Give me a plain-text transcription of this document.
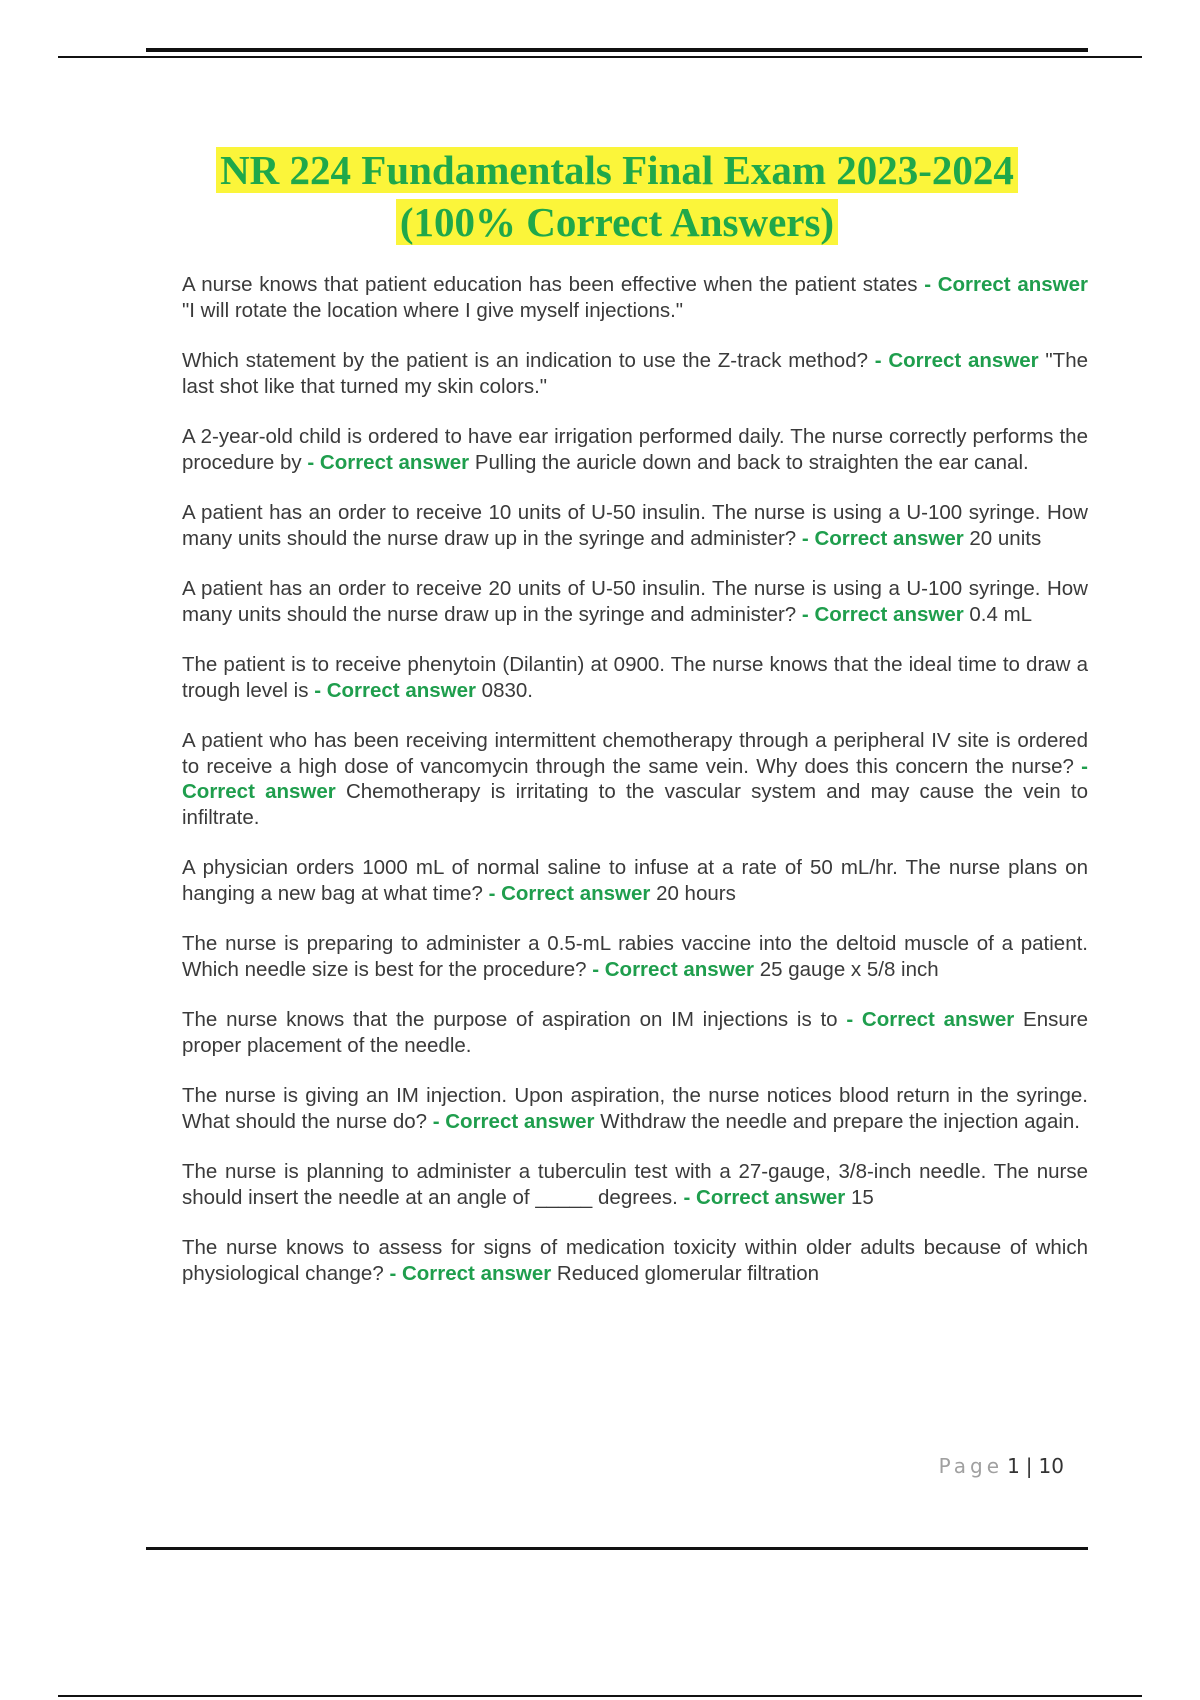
NR 224 Fundamentals Final Exam 2023-2024
(100% Correct Answers)
A nurse knows that patient education has been effective when the patient states - Correct answer "I will rotate the location where I give myself injections."
Which statement by the patient is an indication to use the Z-track method? - Correct answer "The last shot like that turned my skin colors."
A 2-year-old child is ordered to have ear irrigation performed daily. The nurse correctly performs the procedure by - Correct answer Pulling the auricle down and back to straighten the ear canal.
A patient has an order to receive 10 units of U-50 insulin. The nurse is using a U-100 syringe. How many units should the nurse draw up in the syringe and administer? - Correct answer 20 units
A patient has an order to receive 20 units of U-50 insulin. The nurse is using a U-100 syringe. How many units should the nurse draw up in the syringe and administer? - Correct answer 0.4 mL
The patient is to receive phenytoin (Dilantin) at 0900. The nurse knows that the ideal time to draw a trough level is - Correct answer 0830.
A patient who has been receiving intermittent chemotherapy through a peripheral IV site is ordered to receive a high dose of vancomycin through the same vein. Why does this concern the nurse? - Correct answer Chemotherapy is irritating to the vascular system and may cause the vein to infiltrate.
A physician orders 1000 mL of normal saline to infuse at a rate of 50 mL/hr. The nurse plans on hanging a new bag at what time? - Correct answer 20 hours
The nurse is preparing to administer a 0.5-mL rabies vaccine into the deltoid muscle of a patient. Which needle size is best for the procedure? - Correct answer 25 gauge x 5/8 inch
The nurse knows that the purpose of aspiration on IM injections is to - Correct answer Ensure proper placement of the needle.
The nurse is giving an IM injection. Upon aspiration, the nurse notices blood return in the syringe. What should the nurse do? - Correct answer Withdraw the needle and prepare the injection again.
The nurse is planning to administer a tuberculin test with a 27-gauge, 3/8-inch needle. The nurse should insert the needle at an angle of _____ degrees. - Correct answer 15
The nurse knows to assess for signs of medication toxicity within older adults because of which physiological change? - Correct answer Reduced glomerular filtration
Page 1 | 10
